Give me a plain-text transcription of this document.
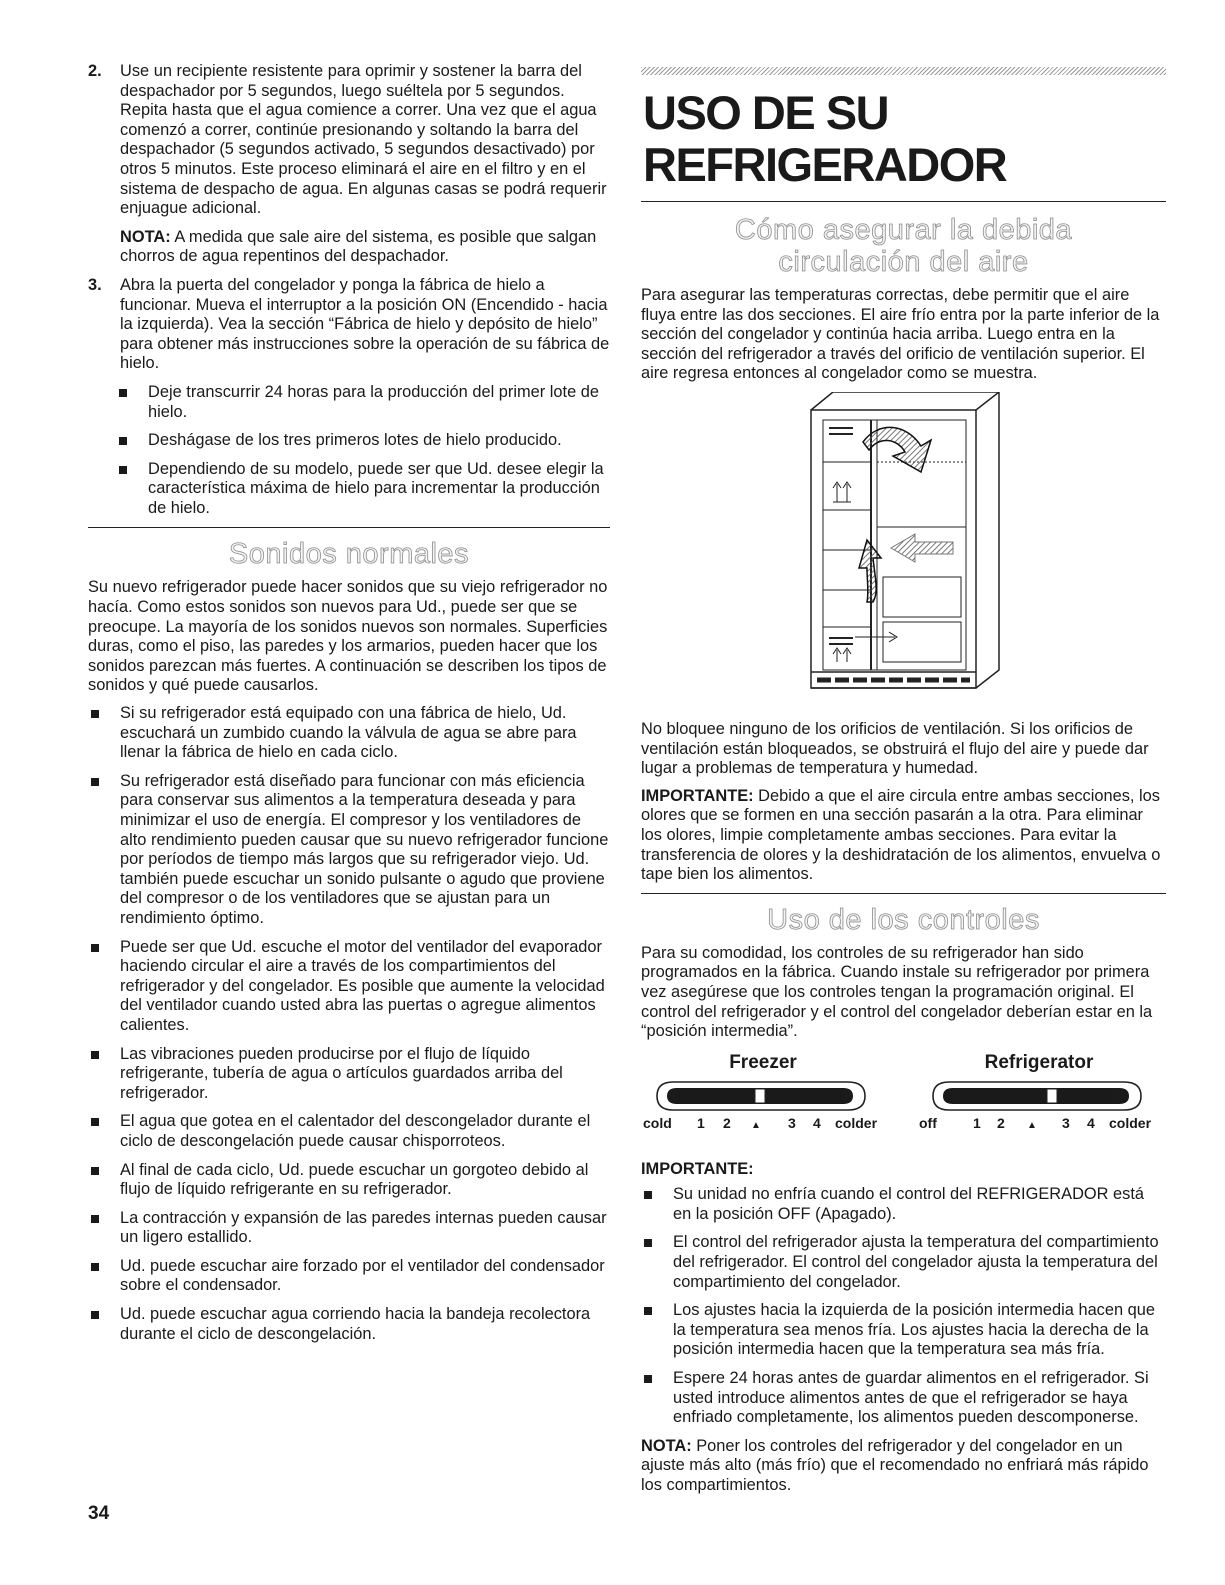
2.	Use un recipiente resistente para oprimir y sostener la barra del despachador por 5 segundos, luego suéltela por 5 segundos. Repita hasta que el agua comience a correr. Una vez que el agua comenzó a correr, continúe presionando y soltando la barra del despachador (5 segundos activado, 5 segundos desactivado) por otros 5 minutos. Este proceso eliminará el aire en el filtro y en el sistema de despacho de agua. En algunas casas se podrá requerir enjuague adicional.

NOTA: A medida que sale aire del sistema, es posible que salgan chorros de agua repentinos del despachador.

3.	Abra la puerta del congelador y ponga la fábrica de hielo a funcionar. Mueva el interruptor a la posición ON (Encendido - hacia la izquierda). Vea la sección “Fábrica de hielo y depósito de hielo” para obtener más instrucciones sobre la operación de su fábrica de hielo.
Deje transcurrir 24 horas para la producción del primer lote de hielo.
Deshágase de los tres primeros lotes de hielo producido.
Dependiendo de su modelo, puede ser que Ud. desee elegir la característica máxima de hielo para incrementar la producción de hielo.
Sonidos normales

Su nuevo refrigerador puede hacer sonidos que su viejo refrigerador no hacía. Como estos sonidos son nuevos para Ud., puede ser que se preocupe. La mayoría de los sonidos nuevos son normales. Superficies duras, como el piso, las paredes y los armarios, pueden hacer que los sonidos parezcan más fuertes. A continuación se describen los tipos de sonidos y qué puede causarlos.

Si su refrigerador está equipado con una fábrica de hielo, Ud. escuchará un zumbido cuando la válvula de agua se abre para llenar la fábrica de hielo en cada ciclo.
Su refrigerador está diseñado para funcionar con más eficiencia para conservar sus alimentos a la temperatura deseada y para minimizar el uso de energía. El compresor y los ventiladores de alto rendimiento pueden causar que su nuevo refrigerador funcione por períodos de tiempo más largos que su refrigerador viejo. Ud. también puede escuchar un sonido pulsante o agudo que proviene del compresor o de los ventiladores que se ajustan para un rendimiento óptimo.
Puede ser que Ud. escuche el motor del ventilador del evaporador haciendo circular el aire a través de los compartimientos del refrigerador y del congelador. Es posible que aumente la velocidad del ventilador cuando usted abra las puertas o agregue alimentos calientes.
Las vibraciones pueden producirse por el flujo de líquido refrigerante, tubería de agua o artículos guardados arriba del refrigerador.
El agua que gotea en el calentador del descongelador durante el ciclo de descongelación puede causar chisporroteos.
Al final de cada ciclo, Ud. puede escuchar un gorgoteo debido al flujo de líquido refrigerante en su refrigerador.
La contracción y expansión de las paredes internas pueden causar un ligero estallido.
Ud. puede escuchar aire forzado por el ventilador del condensador sobre el condensador.
Ud. puede escuchar agua corriendo hacia la bandeja recolectora durante el ciclo de descongelación.
USO DE SU REFRIGERADOR
Cómo asegurar la debida
circulación del aire

Para asegurar las temperaturas correctas, debe permitir que el aire fluya entre las dos secciones. El aire frío entra por la parte inferior de la sección del congelador y continúa hacia arriba. Luego entra en la sección del refrigerador a través del orificio de ventilación superior. El aire regresa entonces al congelador como se muestra.

No bloquee ninguno de los orificios de ventilación. Si los orificios de ventilación están bloqueados, se obstruirá el flujo del aire y puede dar lugar a problemas de temperatura y humedad.

IMPORTANTE: Debido a que el aire circula entre ambas secciones, los olores que se formen en una sección pasarán a la otra. Para eliminar los olores, limpie completamente ambas secciones. Para evitar la transferencia de olores y la deshidratación de los alimentos, envuelva o tape bien los alimentos.

Uso de los controles

Para su comodidad, los controles de su refrigerador han sido programados en la fábrica. Cuando instale su refrigerador por primera vez asegúrese que los controles tengan la programación original. El control del refrigerador y el control del congelador deberían estar en la “posición intermedia”.

Freezer
cold 1 2 ▲ 3 4 colder
Refrigerator
off	1 2 ▲ 3 4 colder

IMPORTANTE:

Su unidad no enfría cuando el control del REFRIGERADOR está en la posición OFF (Apagado).
El control del refrigerador ajusta la temperatura del compartimiento del refrigerador. El control del congelador ajusta la temperatura del compartimiento del congelador.
Los ajustes hacia la izquierda de la posición intermedia hacen que la temperatura sea menos fría. Los ajustes hacia la derecha de la posición intermedia hacen que la temperatura sea más fría.
Espere 24 horas antes de guardar alimentos en el refrigerador. Si usted introduce alimentos antes de que el refrigerador se haya enfriado completamente, los alimentos pueden descomponerse.

NOTA: Poner los controles del refrigerador y del congelador en un ajuste más alto (más frío) que el recomendado no enfriará más rápido los compartimientos.

34
